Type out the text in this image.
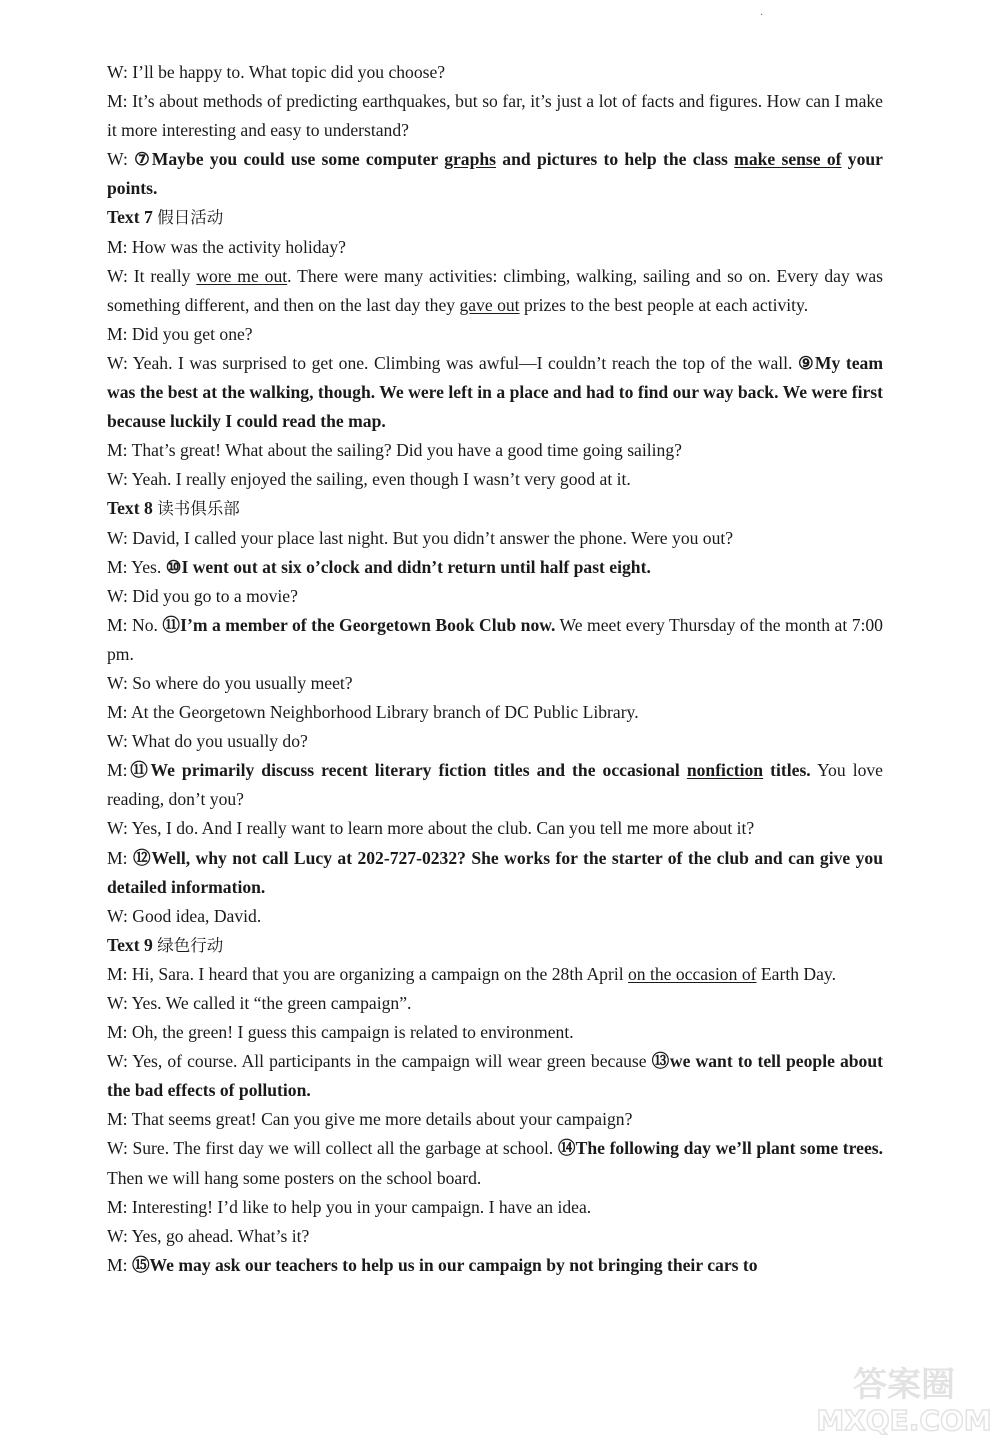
·

W: I’ll be happy to. What topic did you choose?

M: It’s about methods of predicting earthquakes, but so far, it’s just a lot of facts and figures. How can I make it more interesting and easy to understand?

W: ⑦Maybe you could use some computer graphs and pictures to help the class make sense of your points.

Text 7 假日活动

M: How was the activity holiday?

W: It really wore me out. There were many activities: climbing, walking, sailing and so on. Every day was something different, and then on the last day they gave out prizes to the best people at each activity.

M: Did you get one?

W: Yeah. I was surprised to get one. Climbing was awful—I couldn’t reach the top of the wall. ⑨My team was the best at the walking, though. We were left in a place and had to find our way back. We were first because luckily I could read the map.

M: That’s great! What about the sailing? Did you have a good time going sailing?

W: Yeah. I really enjoyed the sailing, even though I wasn’t very good at it.

Text 8 读书俱乐部

W: David, I called your place last night. But you didn’t answer the phone. Were you out?

M: Yes. ⑩I went out at six o’clock and didn’t return until half past eight.

W: Did you go to a movie?

M: No. ⑪I’m a member of the Georgetown Book Club now. We meet every Thursday of the month at 7:00 pm.

W: So where do you usually meet?

M: At the Georgetown Neighborhood Library branch of DC Public Library.

W: What do you usually do?

M:⑪We primarily discuss recent literary fiction titles and the occasional nonfiction titles. You love reading, don’t you?

W: Yes, I do. And I really want to learn more about the club. Can you tell me more about it?

M: ⑫Well, why not call Lucy at 202-727-0232? She works for the starter of the club and can give you detailed information.

W: Good idea, David.

Text 9 绿色行动

M: Hi, Sara. I heard that you are organizing a campaign on the 28th April on the occasion of Earth Day.

W: Yes. We called it “the green campaign”.

M: Oh, the green! I guess this campaign is related to environment.

W: Yes, of course. All participants in the campaign will wear green because ⑬we want to tell people about the bad effects of pollution.

M: That seems great! Can you give me more details about your campaign?

W: Sure. The first day we will collect all the garbage at school. ⑭The following day we’ll plant some trees. Then we will hang some posters on the school board.

M: Interesting! I’d like to help you in your campaign. I have an idea.

W: Yes, go ahead. What’s it?

M: ⑮We may ask our teachers to help us in our campaign by not bringing their cars to

答案圈
MXQE.COM
